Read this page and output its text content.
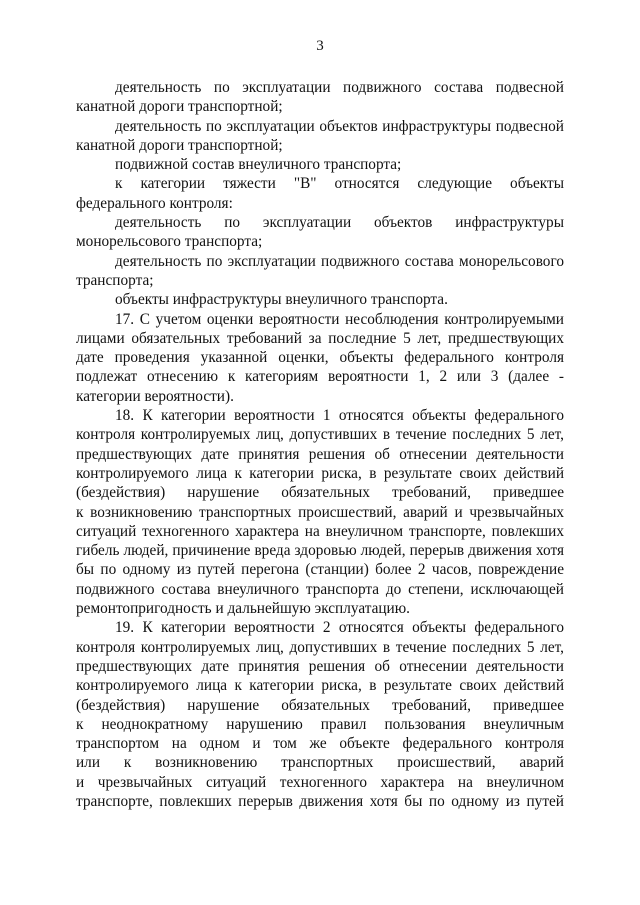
3
деятельность по эксплуатации подвижного состава подвесной
канатной дороги транспортной;
деятельность по эксплуатации объектов инфраструктуры подвесной
канатной дороги транспортной;
подвижной состав внеуличного транспорта;
к категории тяжести "В" относятся следующие объекты
федерального контроля:
деятельность по эксплуатации объектов инфраструктуры
монорельсового транспорта;
деятельность по эксплуатации подвижного состава монорельсового
транспорта;
объекты инфраструктуры внеуличного транспорта.
17. С учетом оценки вероятности несоблюдения контролируемыми
лицами обязательных требований за последние 5 лет, предшествующих
дате проведения указанной оценки, объекты федерального контроля
подлежат отнесению к категориям вероятности 1, 2 или 3 (далее -
категории вероятности).
18. К категории вероятности 1 относятся объекты федерального
контроля контролируемых лиц, допустивших в течение последних 5 лет,
предшествующих дате принятия решения об отнесении деятельности
контролируемого лица к категории риска, в результате своих действий
(бездействия) нарушение обязательных требований, приведшее
к возникновению транспортных происшествий, аварий и чрезвычайных
ситуаций техногенного характера на внеуличном транспорте, повлекших
гибель людей, причинение вреда здоровью людей, перерыв движения хотя
бы по одному из путей перегона (станции) более 2 часов, повреждение
подвижного состава внеуличного транспорта до степени, исключающей
ремонтопригодность и дальнейшую эксплуатацию.
19. К категории вероятности 2 относятся объекты федерального
контроля контролируемых лиц, допустивших в течение последних 5 лет,
предшествующих дате принятия решения об отнесении деятельности
контролируемого лица к категории риска, в результате своих действий
(бездействия) нарушение обязательных требований, приведшее
к неоднократному нарушению правил пользования внеуличным
транспортом на одном и том же объекте федерального контроля
или к возникновению транспортных происшествий, аварий
и чрезвычайных ситуаций техногенного характера на внеуличном
транспорте, повлекших перерыв движения хотя бы по одному из путей
